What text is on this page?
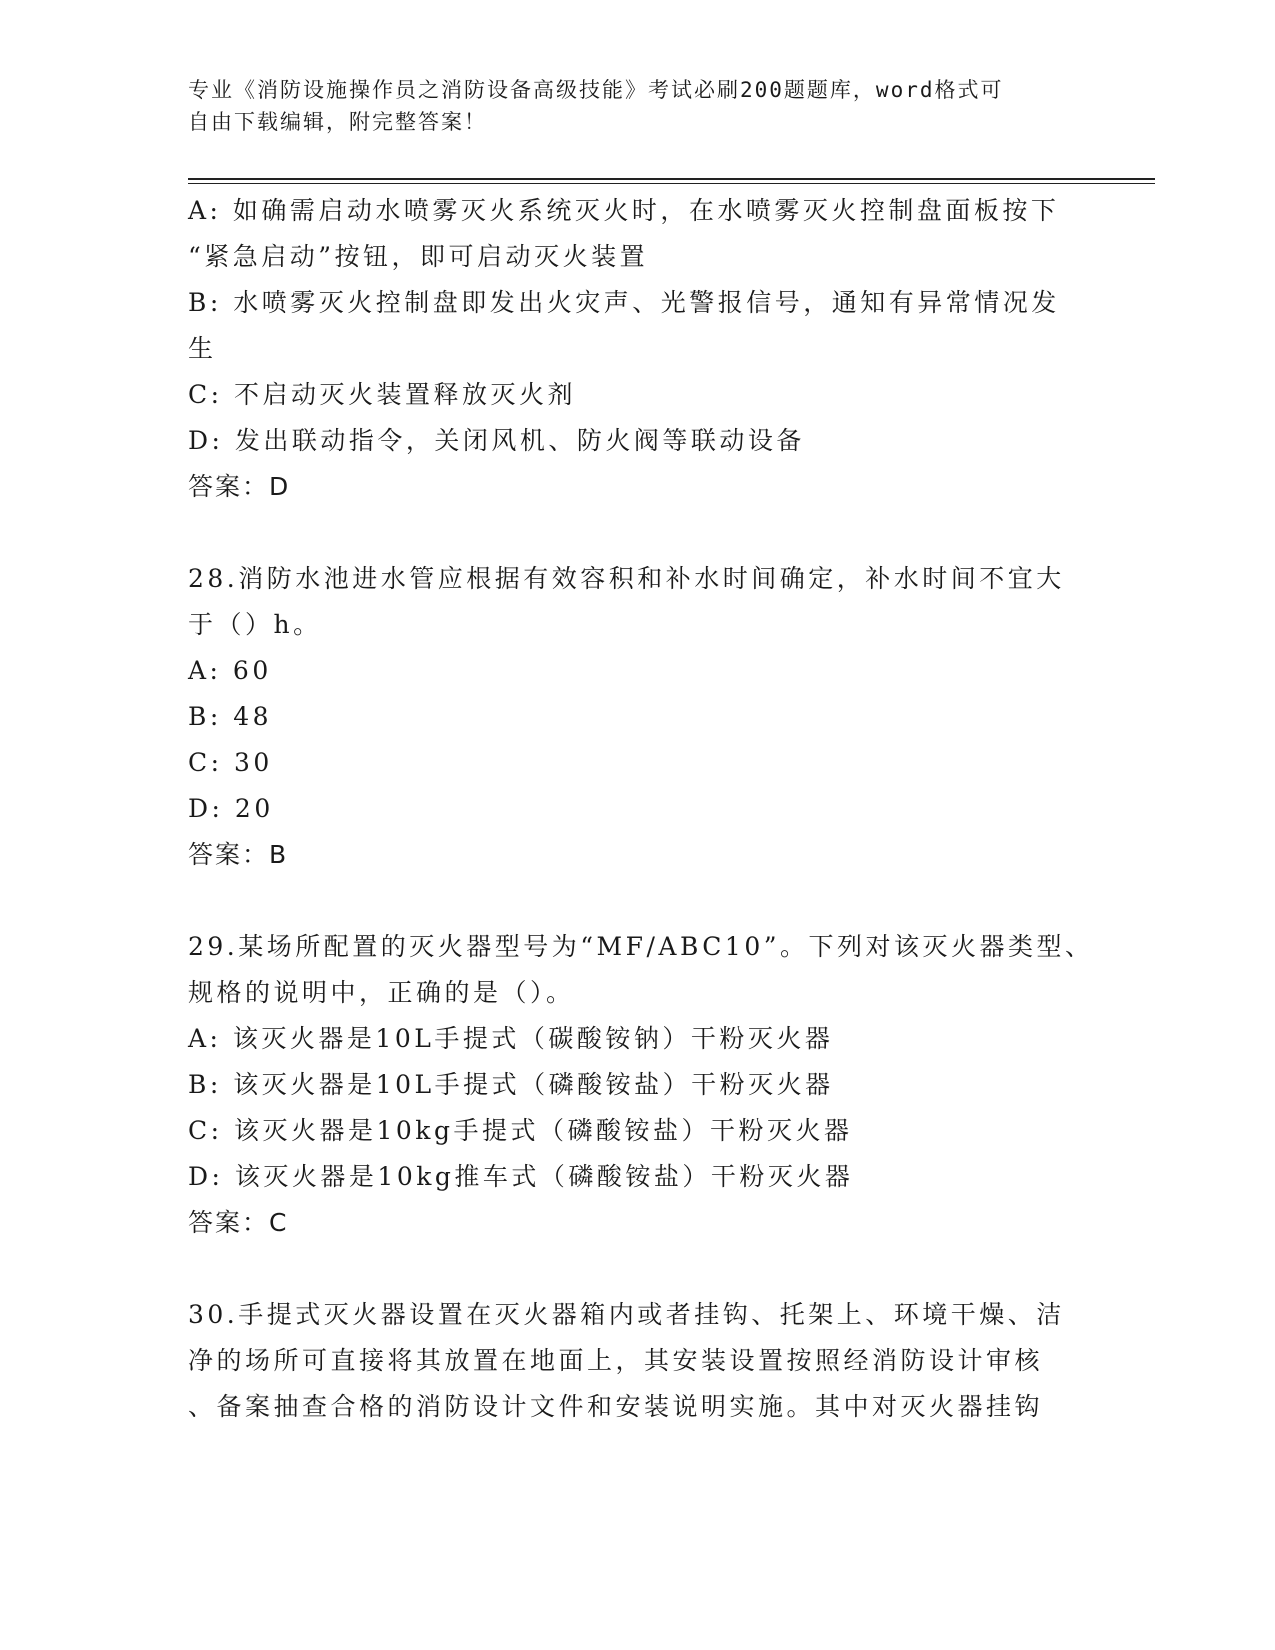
专业《消防设施操作员之消防设备高级技能》考试必刷200题题库，word格式可
自由下载编辑，附完整答案！
A: 如确需启动水喷雾灭火系统灭火时，在水喷雾灭火控制盘面板按下
“紧急启动”按钮，即可启动灭火装置
B: 水喷雾灭火控制盘即发出火灾声、光警报信号，通知有异常情况发
生
C: 不启动灭火装置释放灭火剂
D: 发出联动指令，关闭风机、防火阀等联动设备
答案：D
28.消防水池进水管应根据有效容积和补水时间确定，补水时间不宜大
于（）h。
A: 60
B: 48
C: 30
D: 20
答案：B
29.某场所配置的灭火器型号为“MF/ABC10”。下列对该灭火器类型、
规格的说明中，正确的是（）。
A: 该灭火器是10L手提式（碳酸铵钠）干粉灭火器
B: 该灭火器是10L手提式（磷酸铵盐）干粉灭火器
C: 该灭火器是10kg手提式（磷酸铵盐）干粉灭火器
D: 该灭火器是10kg推车式（磷酸铵盐）干粉灭火器
答案：C
30.手提式灭火器设置在灭火器箱内或者挂钩、托架上、环境干燥、洁
净的场所可直接将其放置在地面上，其安装设置按照经消防设计审核
、备案抽查合格的消防设计文件和安装说明实施。其中对灭火器挂钩
